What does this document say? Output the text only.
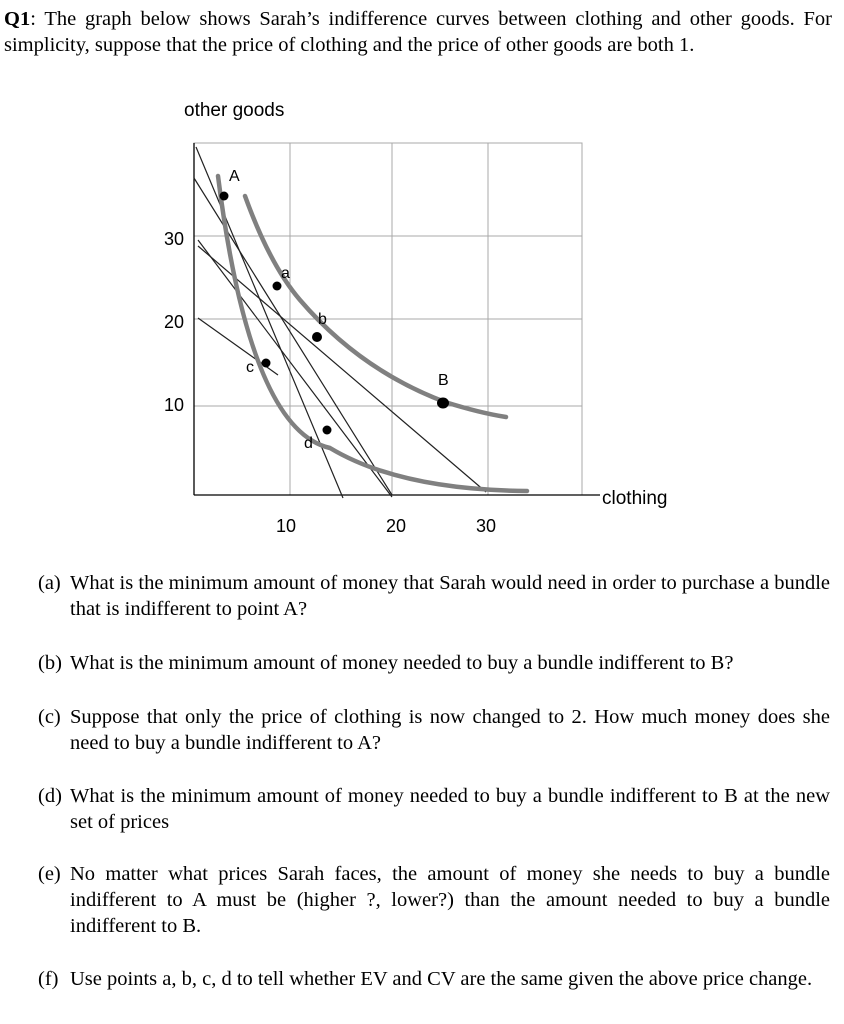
Q1: The graph below shows Sarah’s indifference curves between clothing and other goods. For simplicity, suppose that the price of clothing and the price of other goods are both 1.

A
a
b
c
d
B
other goods
clothing
30
20
10
10	20	30
(a) What is the minimum amount of money that Sarah would need in order to purchase a bundle that is indifferent to point A?
(b) What is the minimum amount of money needed to buy a bundle indifferent to B?
(c) Suppose that only the price of clothing is now changed to 2. How much money does she need to buy a bundle indifferent to A?
(d) What is the minimum amount of money needed to buy a bundle indifferent to B at the new set of prices
(e) No matter what prices Sarah faces, the amount of money she needs to buy a bundle indifferent to A must be (higher ?, lower?) than the amount needed to buy a bundle indifferent to B.
(f) Use points a, b, c, d to tell whether EV and CV are the same given the above price change.
